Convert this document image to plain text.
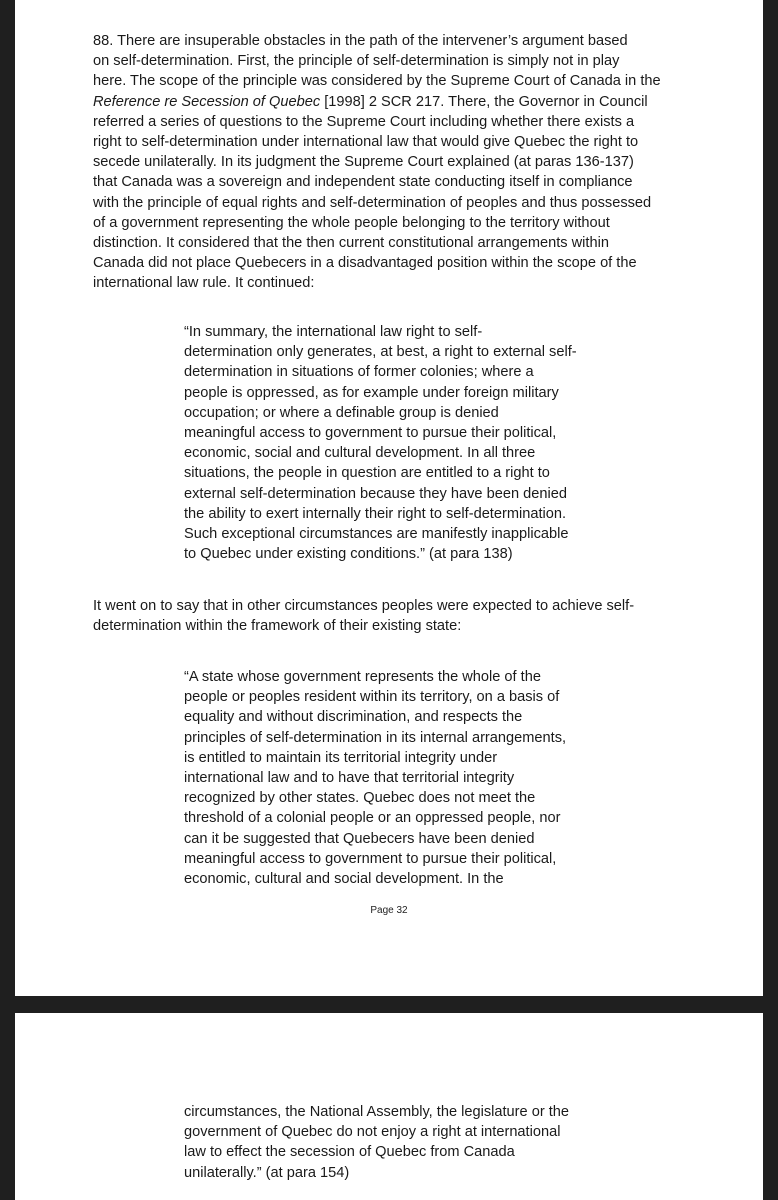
88. There are insuperable obstacles in the path of the intervener’s argument based
on self-determination. First, the principle of self-determination is simply not in play
here. The scope of the principle was considered by the Supreme Court of Canada in the
Reference re Secession of Quebec [1998] 2 SCR 217. There, the Governor in Council
referred a series of questions to the Supreme Court including whether there exists a
right to self-determination under international law that would give Quebec the right to
secede unilaterally. In its judgment the Supreme Court explained (at paras 136-137)
that Canada was a sovereign and independent state conducting itself in compliance
with the principle of equal rights and self-determination of peoples and thus possessed
of a government representing the whole people belonging to the territory without
distinction. It considered that the then current constitutional arrangements within
Canada did not place Quebecers in a disadvantaged position within the scope of the
international law rule. It continued:
“In summary, the international law right to self-
determination only generates, at best, a right to external self-
determination in situations of former colonies; where a
people is oppressed, as for example under foreign military
occupation; or where a definable group is denied
meaningful access to government to pursue their political,
economic, social and cultural development. In all three
situations, the people in question are entitled to a right to
external self-determination because they have been denied
the ability to exert internally their right to self-determination.
Such exceptional circumstances are manifestly inapplicable
to Quebec under existing conditions.” (at para 138)
It went on to say that in other circumstances peoples were expected to achieve self-
determination within the framework of their existing state:
“A state whose government represents the whole of the
people or peoples resident within its territory, on a basis of
equality and without discrimination, and respects the
principles of self-determination in its internal arrangements,
is entitled to maintain its territorial integrity under
international law and to have that territorial integrity
recognized by other states. Quebec does not meet the
threshold of a colonial people or an oppressed people, nor
can it be suggested that Quebecers have been denied
meaningful access to government to pursue their political,
economic, cultural and social development. In the
Page 32
circumstances, the National Assembly, the legislature or the
government of Quebec do not enjoy a right at international
law to effect the secession of Quebec from Canada
unilaterally.” (at para 154)
